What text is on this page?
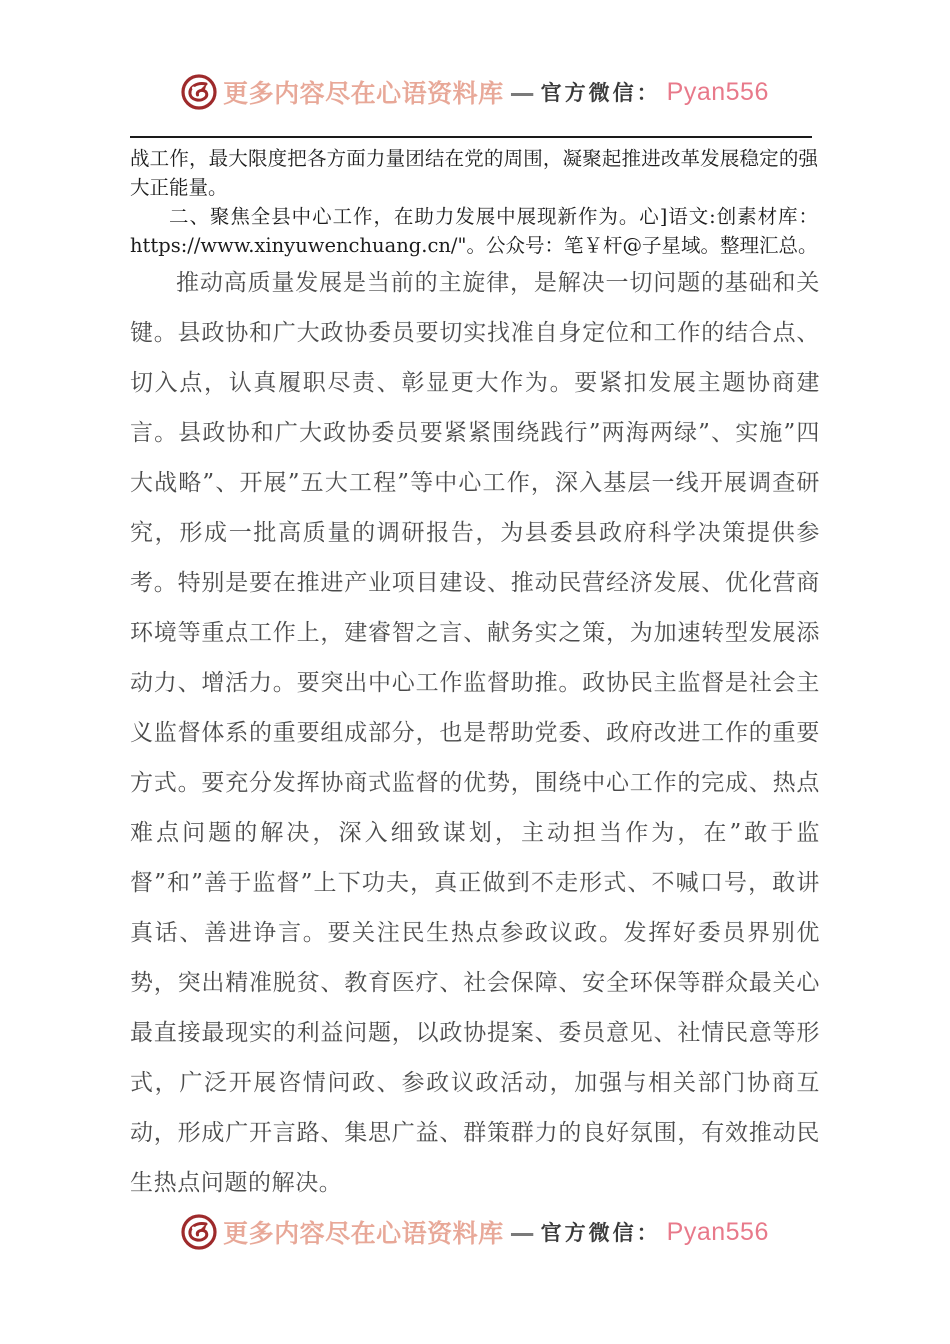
更多内容尽在心语资料库 — 官方微信： Pyan556

战工作，最大限度把各方面力量团结在党的周围，凝聚起推进改革发展稳定的强大正能量。

二、聚焦全县中心工作，在助力发展中展现新作为。心]语文:创素材库：https://www.xinyuwenchuang.cn/"。公众号：笔￥杆@子星域。整理汇总。

推动高质量发展是当前的主旋律，是解决一切问题的基础和关键。县政协和广大政协委员要切实找准自身定位和工作的结合点、切入点，认真履职尽责、彰显更大作为。要紧扣发展主题协商建言。县政协和广大政协委员要紧紧围绕践行”两海两绿”、实施”四大战略”、开展”五大工程”等中心工作，深入基层一线开展调查研究，形成一批高质量的调研报告，为县委县政府科学决策提供参考。特别是要在推进产业项目建设、推动民营经济发展、优化营商环境等重点工作上，建睿智之言、献务实之策，为加速转型发展添动力、增活力。要突出中心工作监督助推。政协民主监督是社会主义监督体系的重要组成部分，也是帮助党委、政府改进工作的重要方式。要充分发挥协商式监督的优势，围绕中心工作的完成、热点难点问题的解决，深入细致谋划，主动担当作为，在”敢于监督”和”善于监督”上下功夫，真正做到不走形式、不喊口号，敢讲真话、善进诤言。要关注民生热点参政议政。发挥好委员界别优势，突出精准脱贫、教育医疗、社会保障、安全环保等群众最关心最直接最现实的利益问题，以政协提案、委员意见、社情民意等形式，广泛开展咨情问政、参政议政活动，加强与相关部门协商互动，形成广开言路、集思广益、群策群力的良好氛围，有效推动民生热点问题的解决。

更多内容尽在心语资料库 — 官方微信： Pyan556
